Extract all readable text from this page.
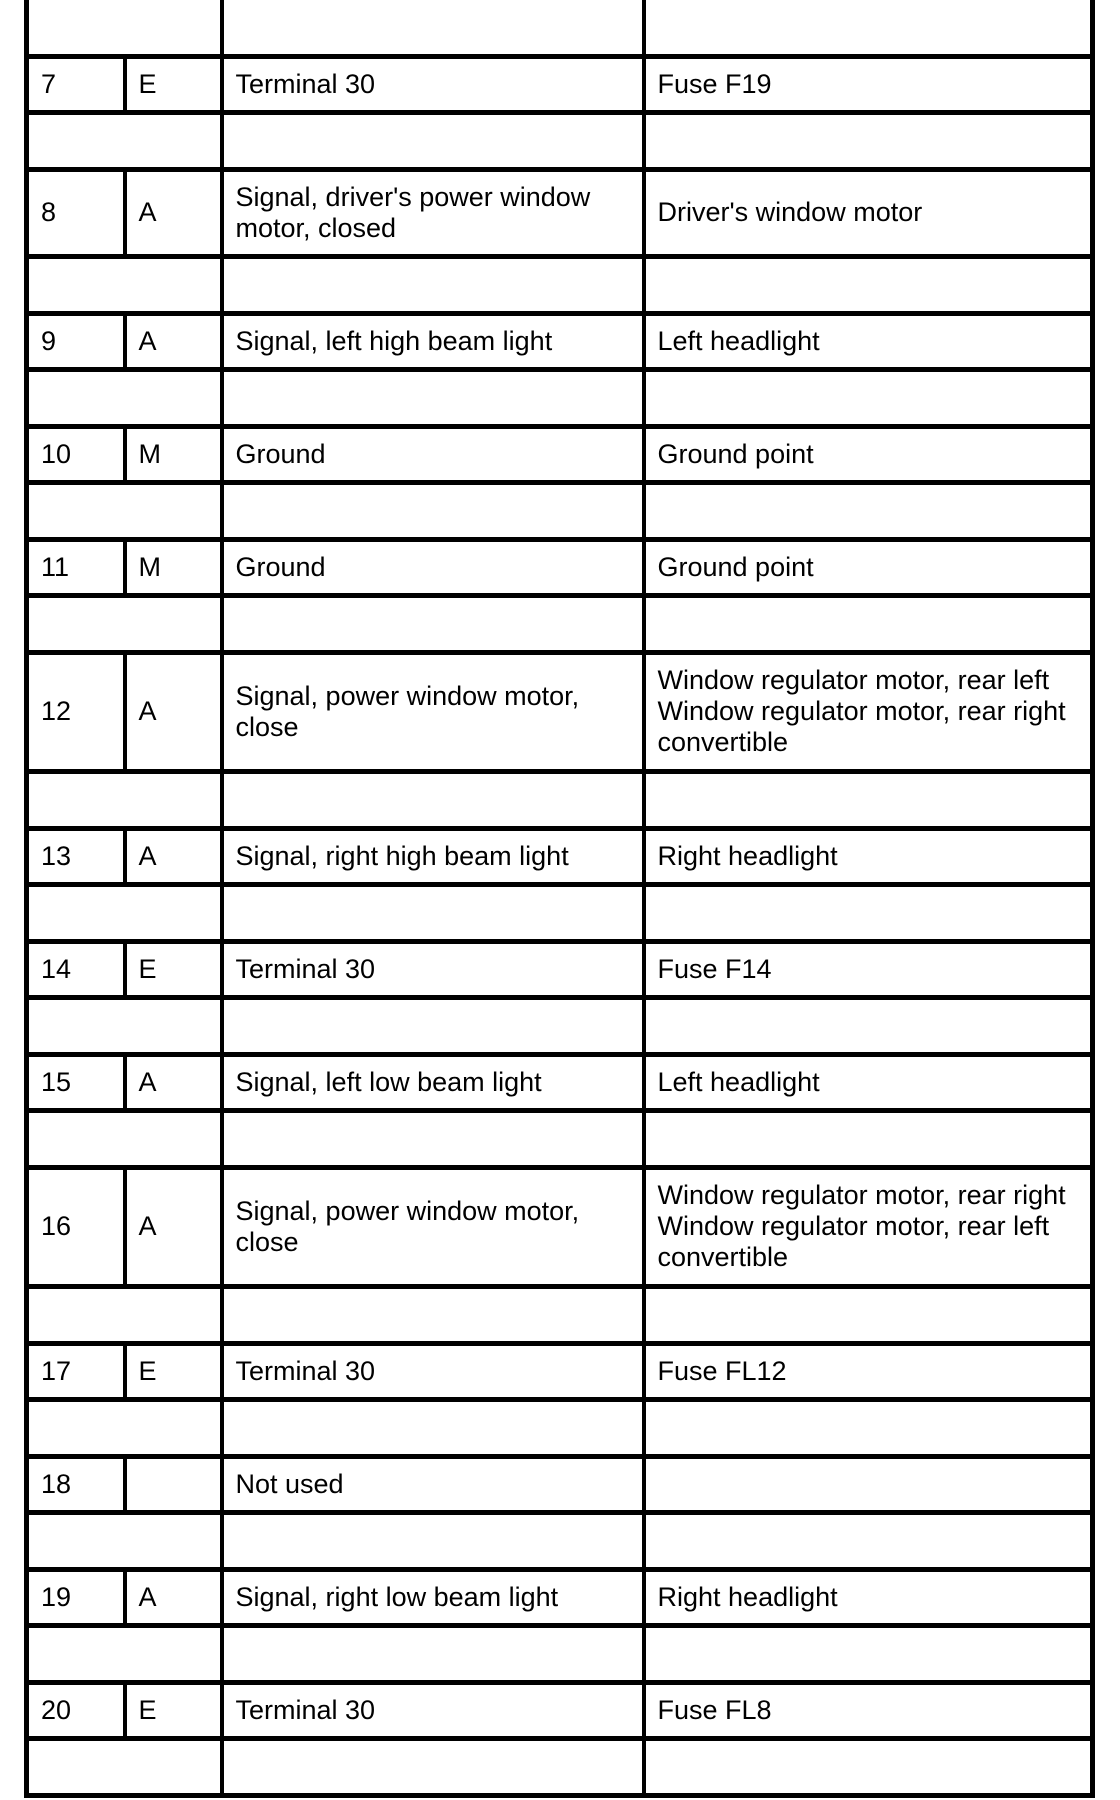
7	E	Terminal 30	Fuse F19

8	A	Signal, driver's power window motor, closed	Driver's window motor

9	A	Signal, left high beam light	Left headlight

10	M	Ground	Ground point

11	M	Ground	Ground point

12	A	Signal, power window motor, close	Window regulator motor, rear left Window regulator motor, rear right convertible

13	A	Signal, right high beam light	Right headlight

14	E	Terminal 30	Fuse F14

15	A	Signal, left low beam light	Left headlight

16	A	Signal, power window motor, close	Window regulator motor, rear right Window regulator motor, rear left convertible

17	E	Terminal 30	Fuse FL12

18		Not used	

19	A	Signal, right low beam light	Right headlight

20	E	Terminal 30	Fuse FL8
